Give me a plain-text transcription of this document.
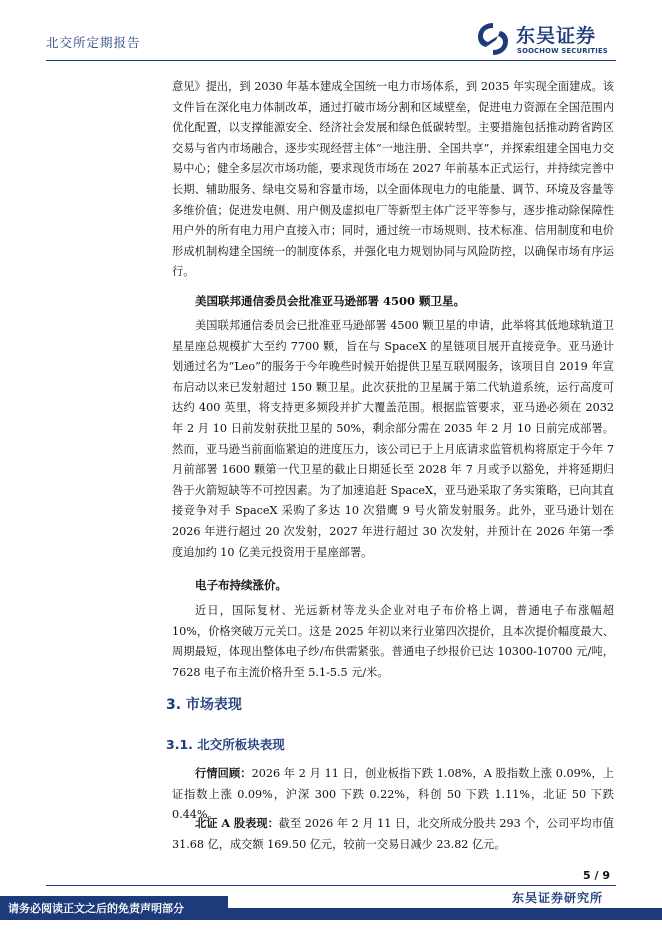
北交所定期报告	东吴证券
SOOCHOW SECURITIES

意见》提出，到 2030 年基本建成全国统一电力市场体系，到 2035 年实现全面建成。该文件旨在深化电力体制改革，通过打破市场分割和区域壁垒，促进电力资源在全国范围内优化配置，以支撑能源安全、经济社会发展和绿色低碳转型。主要措施包括推动跨省跨区交易与省内市场融合，逐步实现经营主体“一地注册、全国共享”，并探索组建全国电力交易中心；健全多层次市场功能，要求现货市场在 2027 年前基本正式运行，并持续完善中长期、辅助服务、绿电交易和容量市场，以全面体现电力的电能量、调节、环境及容量等多维价值；促进发电侧、用户侧及虚拟电厂等新型主体广泛平等参与，逐步推动除保障性用户外的所有电力用户直接入市；同时，通过统一市场规则、技术标准、信用制度和电价形成机制构建全国统一的制度体系，并强化电力规划协同与风险防控，以确保市场有序运行。

美国联邦通信委员会批准亚马逊部署 4500 颗卫星。

美国联邦通信委员会已批准亚马逊部署 4500 颗卫星的申请，此举将其低地球轨道卫星星座总规模扩大至约 7700 颗，旨在与 SpaceX 的星链项目展开直接竞争。亚马逊计划通过名为“Leo”的服务于今年晚些时候开始提供卫星互联网服务，该项目自 2019 年宣布启动以来已发射超过 150 颗卫星。此次获批的卫星属于第二代轨道系统，运行高度可达约 400 英里，将支持更多频段并扩大覆盖范围。根据监管要求，亚马逊必须在 2032 年 2 月 10 日前发射获批卫星的 50%，剩余部分需在 2035 年 2 月 10 日前完成部署。然而，亚马逊当前面临紧迫的进度压力，该公司已于上月底请求监管机构将原定于今年 7 月前部署 1600 颗第一代卫星的截止日期延长至 2028 年 7 月或予以豁免，并将延期归咎于火箭短缺等不可控因素。为了加速追赶 SpaceX，亚马逊采取了务实策略，已向其直接竞争对手 SpaceX 采购了多达 10 次猎鹰 9 号火箭发射服务。此外，亚马逊计划在 2026 年进行超过 20 次发射，2027 年进行超过 30 次发射，并预计在 2026 年第一季度追加约 10 亿美元投资用于星座部署。

电子布持续涨价。

近日，国际复材、光远新材等龙头企业对电子布价格上调，普通电子布涨幅超 10%，价格突破万元关口。这是 2025 年初以来行业第四次提价，且本次提价幅度最大、周期最短，体现出整体电子纱/布供需紧张。普通电子纱报价已达 10300-10700 元/吨，7628 电子布主流价格升至 5.1-5.5 元/米。

3. 市场表现
3.1. 北交所板块表现

行情回顾：2026 年 2 月 11 日，创业板指下跌 1.08%，A 股指数上涨 0.09%，上证指数上涨 0.09%，沪深 300 下跌 0.22%，科创 50 下跌 1.11%，北证 50 下跌 0.44%。

北证 A 股表现：截至 2026 年 2 月 11 日，北交所成分股共 293 个，公司平均市值 31.68 亿，成交额 169.50 亿元，较前一交易日减少 23.82 亿元。

5 / 9
东吴证券研究所
请务必阅读正文之后的免责声明部分
